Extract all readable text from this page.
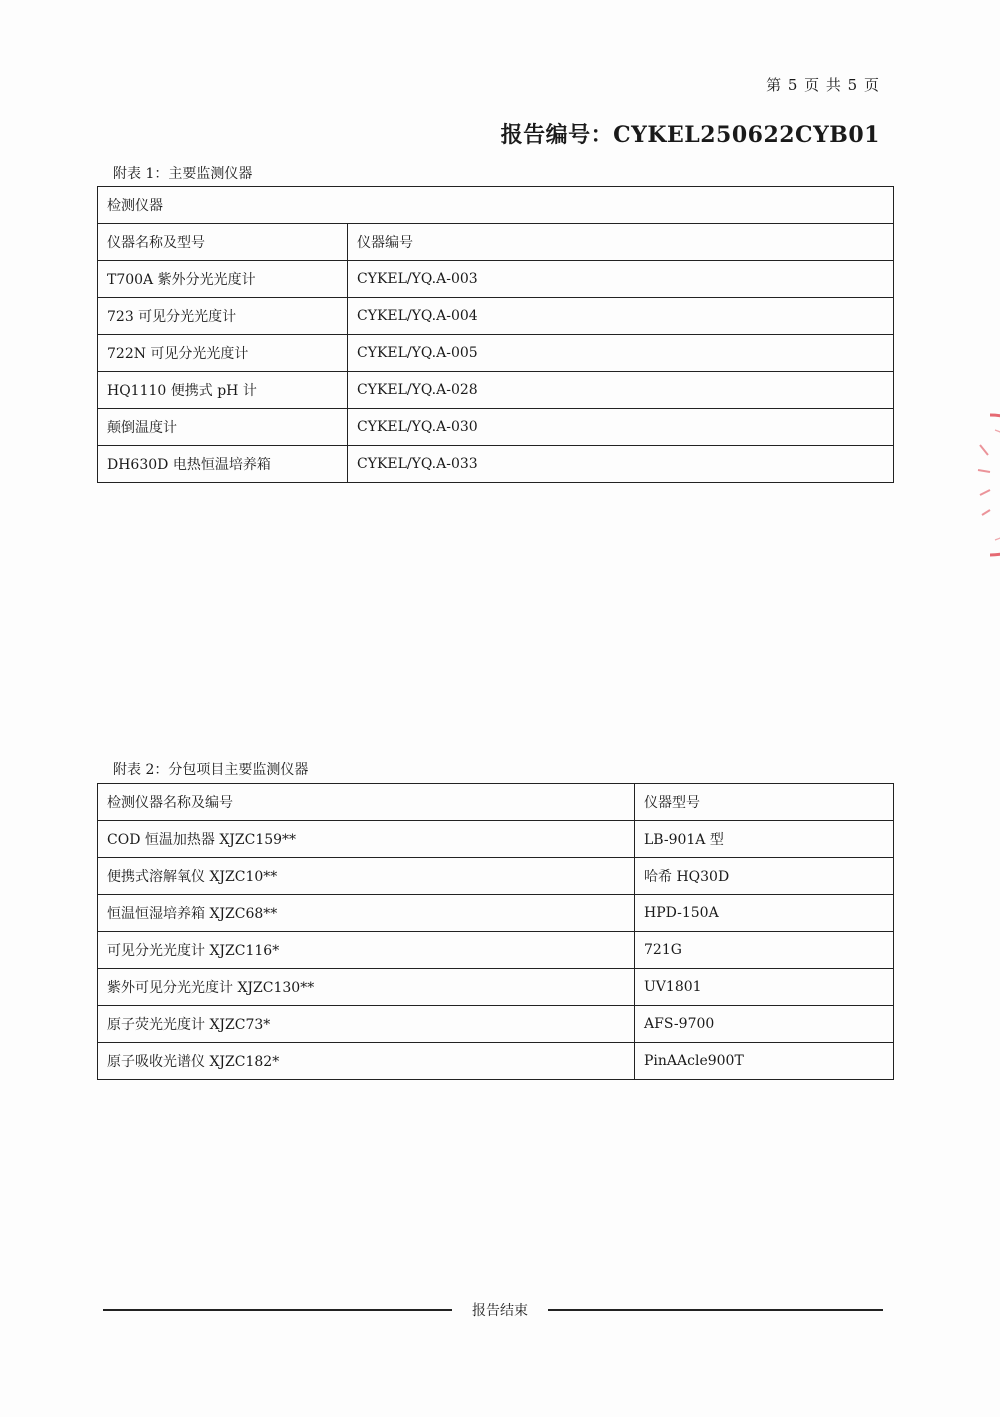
第 5 页 共 5 页
报告编号：CYKEL250622CYB01
附表 1：主要监测仪器
检测仪器	
仪器名称及型号	仪器编号
T700A 紫外分光光度计	CYKEL/YQ.A-003
723 可见分光光度计	CYKEL/YQ.A-004
722N 可见分光光度计	CYKEL/YQ.A-005
HQ1110 便携式 pH 计	CYKEL/YQ.A-028
颠倒温度计	CYKEL/YQ.A-030
DH630D 电热恒温培养箱	CYKEL/YQ.A-033
附表 2：分包项目主要监测仪器
检测仪器名称及编号	仪器型号
COD 恒温加热器 XJZC159**	LB-901A 型
便携式溶解氧仪 XJZC10**	哈希 HQ30D
恒温恒湿培养箱 XJZC68**	HPD-150A
可见分光光度计 XJZC116*	721G
紫外可见分光光度计 XJZC130**	UV1801
原子荧光光度计 XJZC73*	AFS-9700
原子吸收光谱仪 XJZC182*	PinAAcle900T
报告结束
